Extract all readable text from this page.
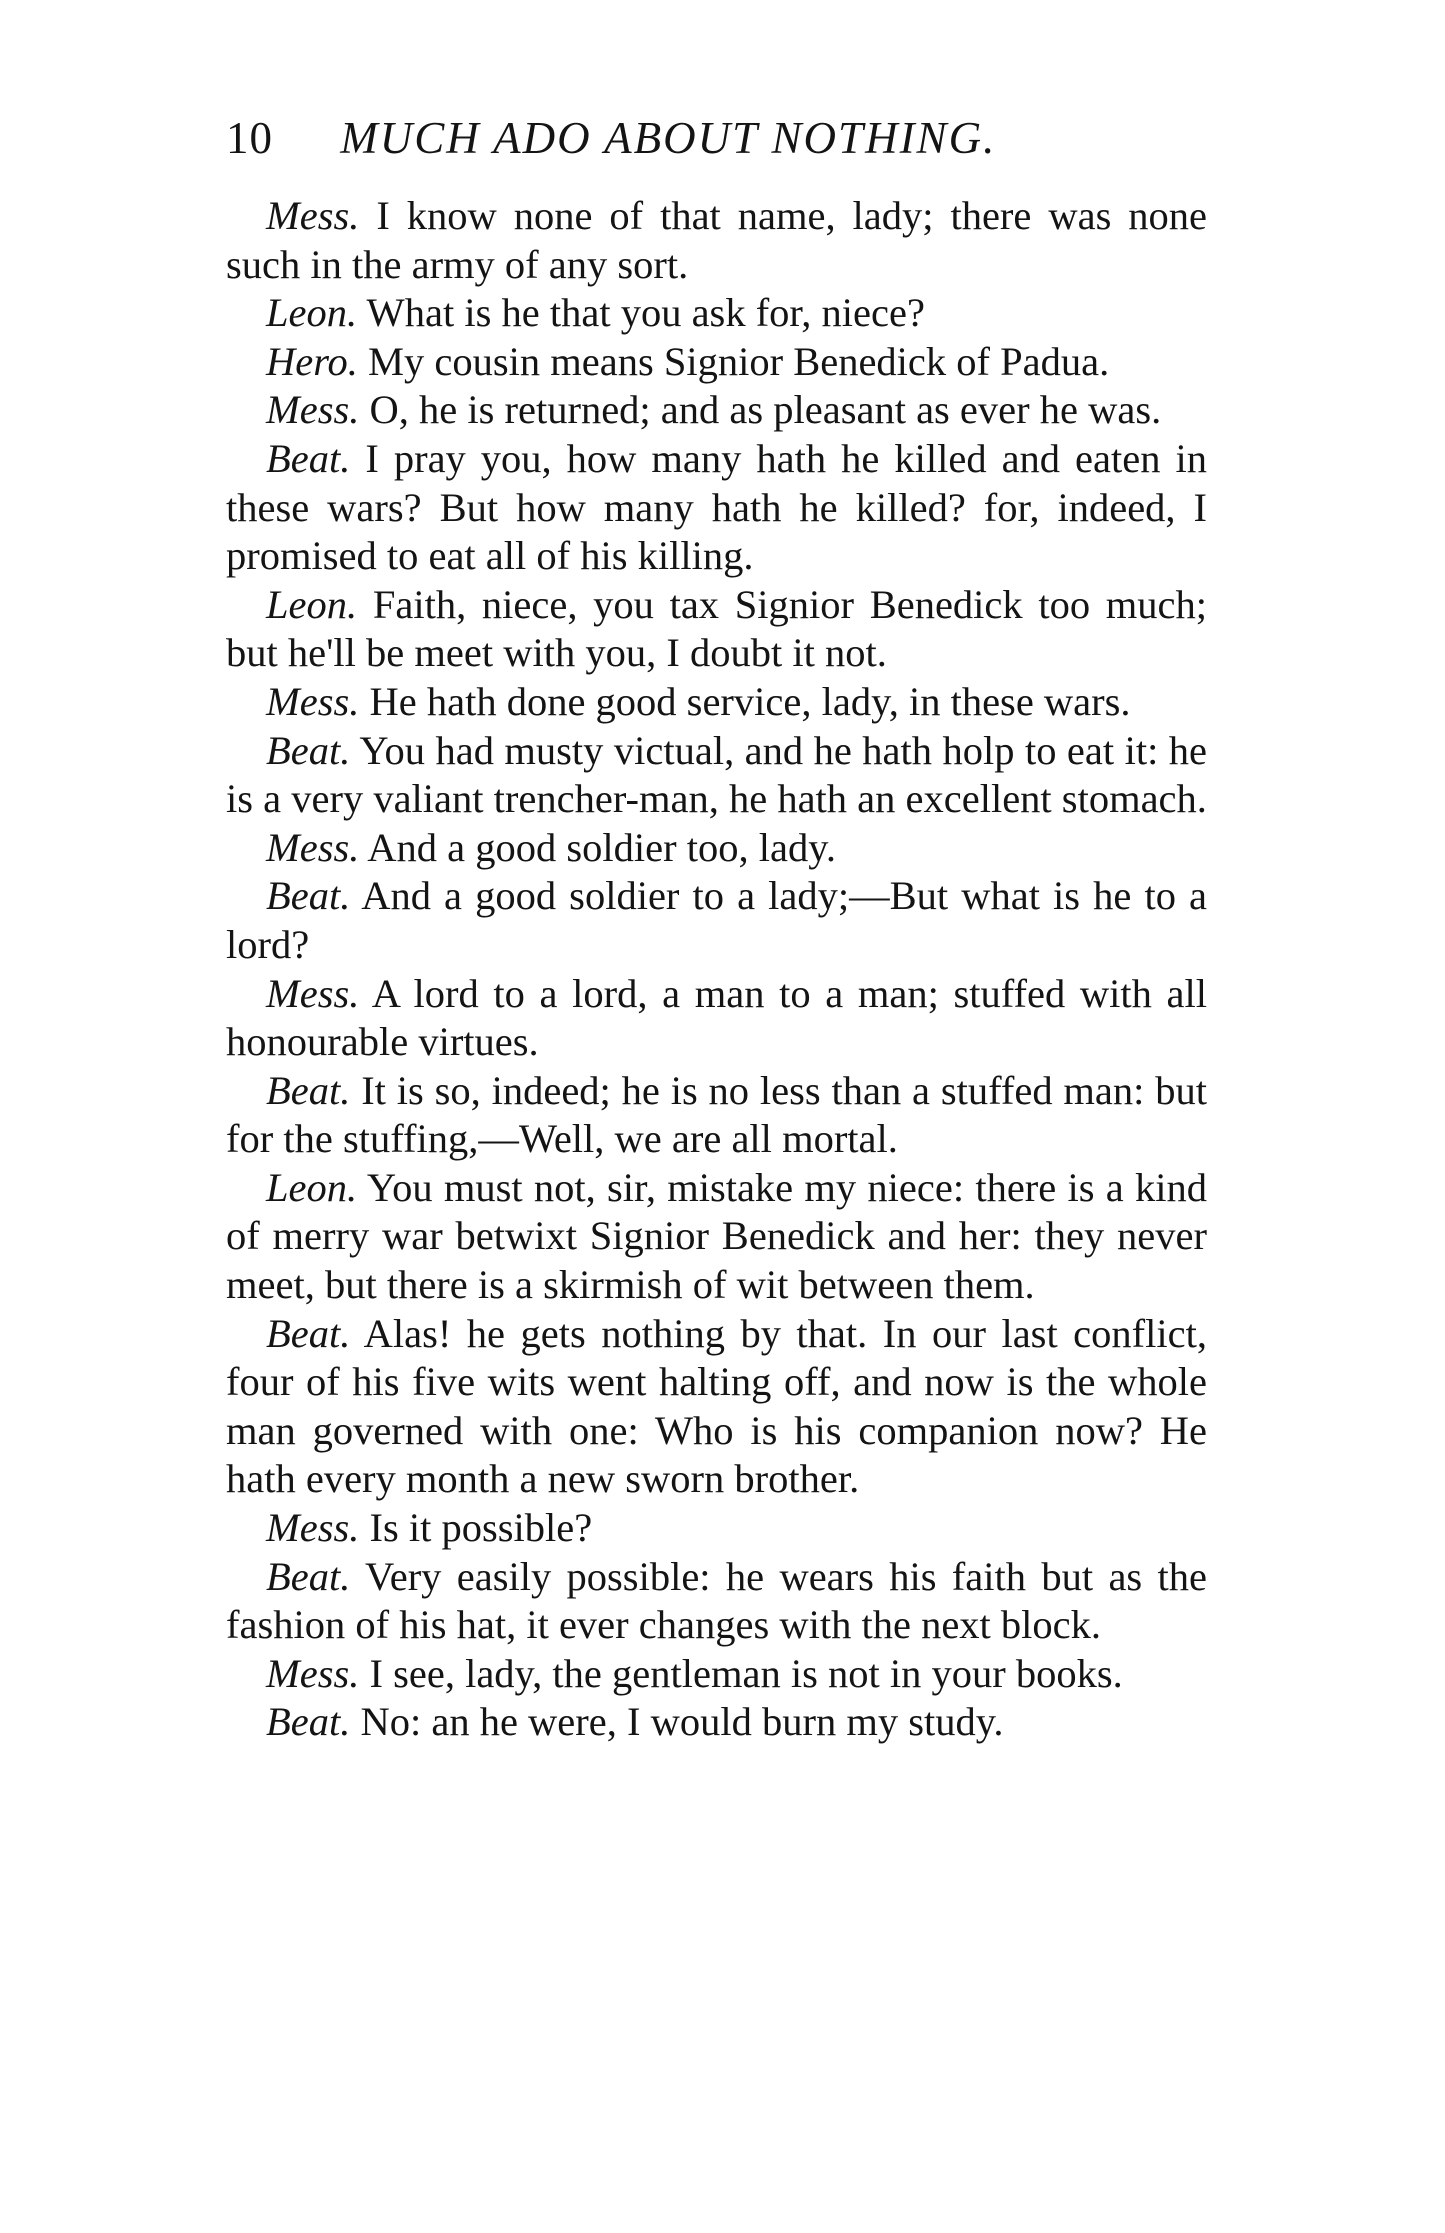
10 MUCH ADO ABOUT NOTHING.

Mess. I know none of that name, lady; there was none such in the army of any sort.

Leon. What is he that you ask for, niece?

Hero. My cousin means Signior Benedick of Padua.

Mess. O, he is returned; and as pleasant as ever he was.

Beat. I pray you, how many hath he killed and eaten in these wars? But how many hath he killed? for, indeed, I promised to eat all of his killing.

Leon. Faith, niece, you tax Signior Benedick too much; but he'll be meet with you, I doubt it not.

Mess. He hath done good service, lady, in these wars.

Beat. You had musty victual, and he hath holp to eat it: he is a very valiant trencher-man, he hath an excellent stomach.

Mess. And a good soldier too, lady.

Beat. And a good soldier to a lady;—But what is he to a lord?

Mess. A lord to a lord, a man to a man; stuffed with all honourable virtues.

Beat. It is so, indeed; he is no less than a stuffed man: but for the stuffing,—Well, we are all mortal.

Leon. You must not, sir, mistake my niece: there is a kind of merry war betwixt Signior Benedick and her: they never meet, but there is a skirmish of wit between them.

Beat. Alas! he gets nothing by that. In our last conflict, four of his five wits went halting off, and now is the whole man governed with one: Who is his companion now? He hath every month a new sworn brother.

Mess. Is it possible?

Beat. Very easily possible: he wears his faith but as the fashion of his hat, it ever changes with the next block.

Mess. I see, lady, the gentleman is not in your books.

Beat. No: an he were, I would burn my study.
